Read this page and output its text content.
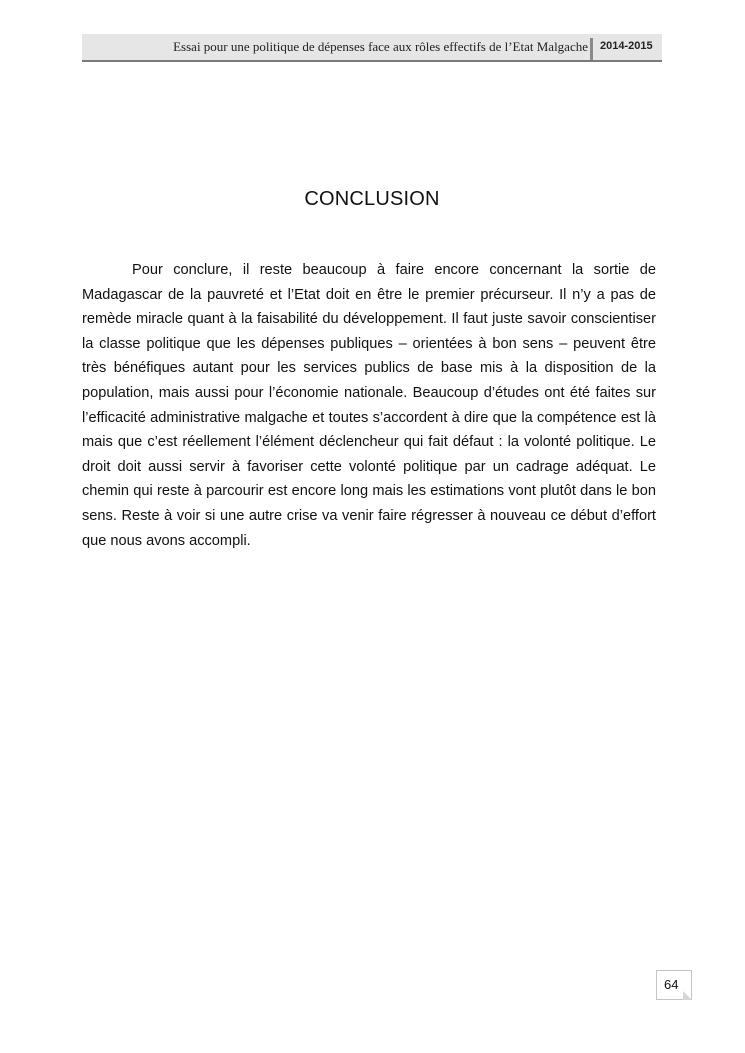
Essai pour une politique de dépenses face aux rôles effectifs de l’Etat Malgache 2014-2015
CONCLUSION

Pour conclure, il reste beaucoup à faire encore concernant la sortie de Madagascar de la pauvreté et l’Etat doit en être le premier précurseur. Il n’y a pas de remède miracle quant à la faisabilité du développement. Il faut juste savoir conscientiser la classe politique que les dépenses publiques – orientées à bon sens – peuvent être très bénéfiques autant pour les services publics de base mis à la disposition de la population, mais aussi pour l’économie nationale. Beaucoup d’études ont été faites sur l’efficacité administrative malgache et toutes s’accordent à dire que la compétence est là mais que c’est réellement l’élément déclencheur qui fait défaut : la volonté politique. Le droit doit aussi servir à favoriser cette volonté politique par un cadrage adéquat. Le chemin qui reste à parcourir est encore long mais les estimations vont plutôt dans le bon sens. Reste à voir si une autre crise va venir faire régresser à nouveau ce début d’effort que nous avons accompli.

64
